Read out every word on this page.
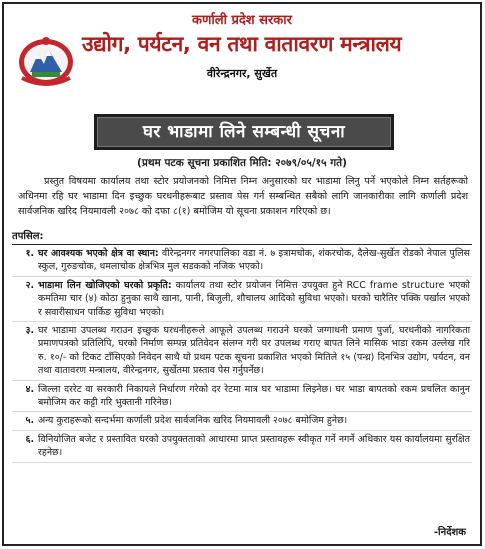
कर्णाली प्रदेश सरकार
उद्योग, पर्यटन, वन तथा वातावरण मन्त्रालय
वीरेन्द्रनगर, सुर्खेत
घर भाडामा लिने सम्बन्धी सूचना
(प्रथम पटक सूचना प्रकाशित मिति: २०७९/०५/१५ गते)
प्रस्तुत विषयमा कार्यालय तथा स्टोर प्रयोजनको निमित्त निम्न अनुसारको घर भाडामा लिनु पर्ने भएकोले निम्न सर्तहरूको अधिनमा रहि घर भाडामा दिन इच्छुक घरधनीहरूबाट प्रस्ताव पेस गर्न सम्बन्धित सबैको लागि जानकारीका लागि कर्णाली प्रदेश सार्वजनिक खरिद नियमावली २०७८ को दफा ८(१) बमोजिम यो सूचना प्रकाशन गरिएको छ।
तपसिल:
१. घर आवश्यक भएको क्षेत्र वा स्थान: वीरेन्द्रनगर नगरपालिका वडा नं. ७ इत्रामचोक, शंकरचोक, दैलेख-सुर्खेत रोडको नेपाल पुलिस स्कुल, गुरुङचोक, धमलाचोक क्षेत्रभित्र मुल सडकको नजिक भएको।
२. भाडामा लिन खोजिएको घरको प्रकृति: कार्यालय तथा स्टोर प्रयोजन निमित्त उपयुक्त हुने RCC frame structure भएको कमतिमा चार (४) कोठा हुनुका साथै खाना, पानी, बिजुली, शौचालय आदिको सुविधा भएको। घरको चारैतिर पक्कि पर्खाल भएको र सवारीसाधन पार्किङ सुविधा भएको।
३. घर भाडामा उपलब्ध गराउन इच्छुक घरधनीहरूले आफूले उपलब्ध गराउने घरको जग्गाधनी प्रमाण पुर्जा, घरधनीको नागरिकता प्रमाणपत्रको प्रतिलिपि, घरको निर्माण सम्पन्न प्रतिवेदन संलग्न गरी घर उपलब्ध गराए बापत लिने मासिक भाडा रकम उल्लेख गरि रु. १०/- को टिकट टाँसिएको निवेदन साथै यो प्रथम पटक सूचना प्रकाशित भएको मितिले १५ (पन्ध्र) दिनभित्र उद्योग, पर्यटन, वन तथा वातावरण मन्त्रालय, वीरेन्द्रनगर, सुर्खेतमा प्रस्ताव पेस गर्नुपर्नेछ।
४. जिल्ला दररेट वा सरकारी निकायले निर्धारण गरेको दर रेटमा मात्र घर भाडामा लिइनेछ। घर भाडा बापतको रकम प्रचलित कानुन बमोजिम कर कट्टी गरि भुक्तानी गरिनेछ।
५. अन्य कुराहरूको सन्दर्भमा कर्णाली प्रदेश सार्वजनिक खरिद नियमावली २०७८ बमोजिम हुनेछ।
६. विनियोजित बजेट र प्रस्तावित घरको उपयुक्तताको आधारमा प्राप्त प्रस्तावहरू स्वीकृत गर्ने नगर्ने अधिकार यस कार्यालयमा सुरक्षित रहनेछ।
-निर्देशक
